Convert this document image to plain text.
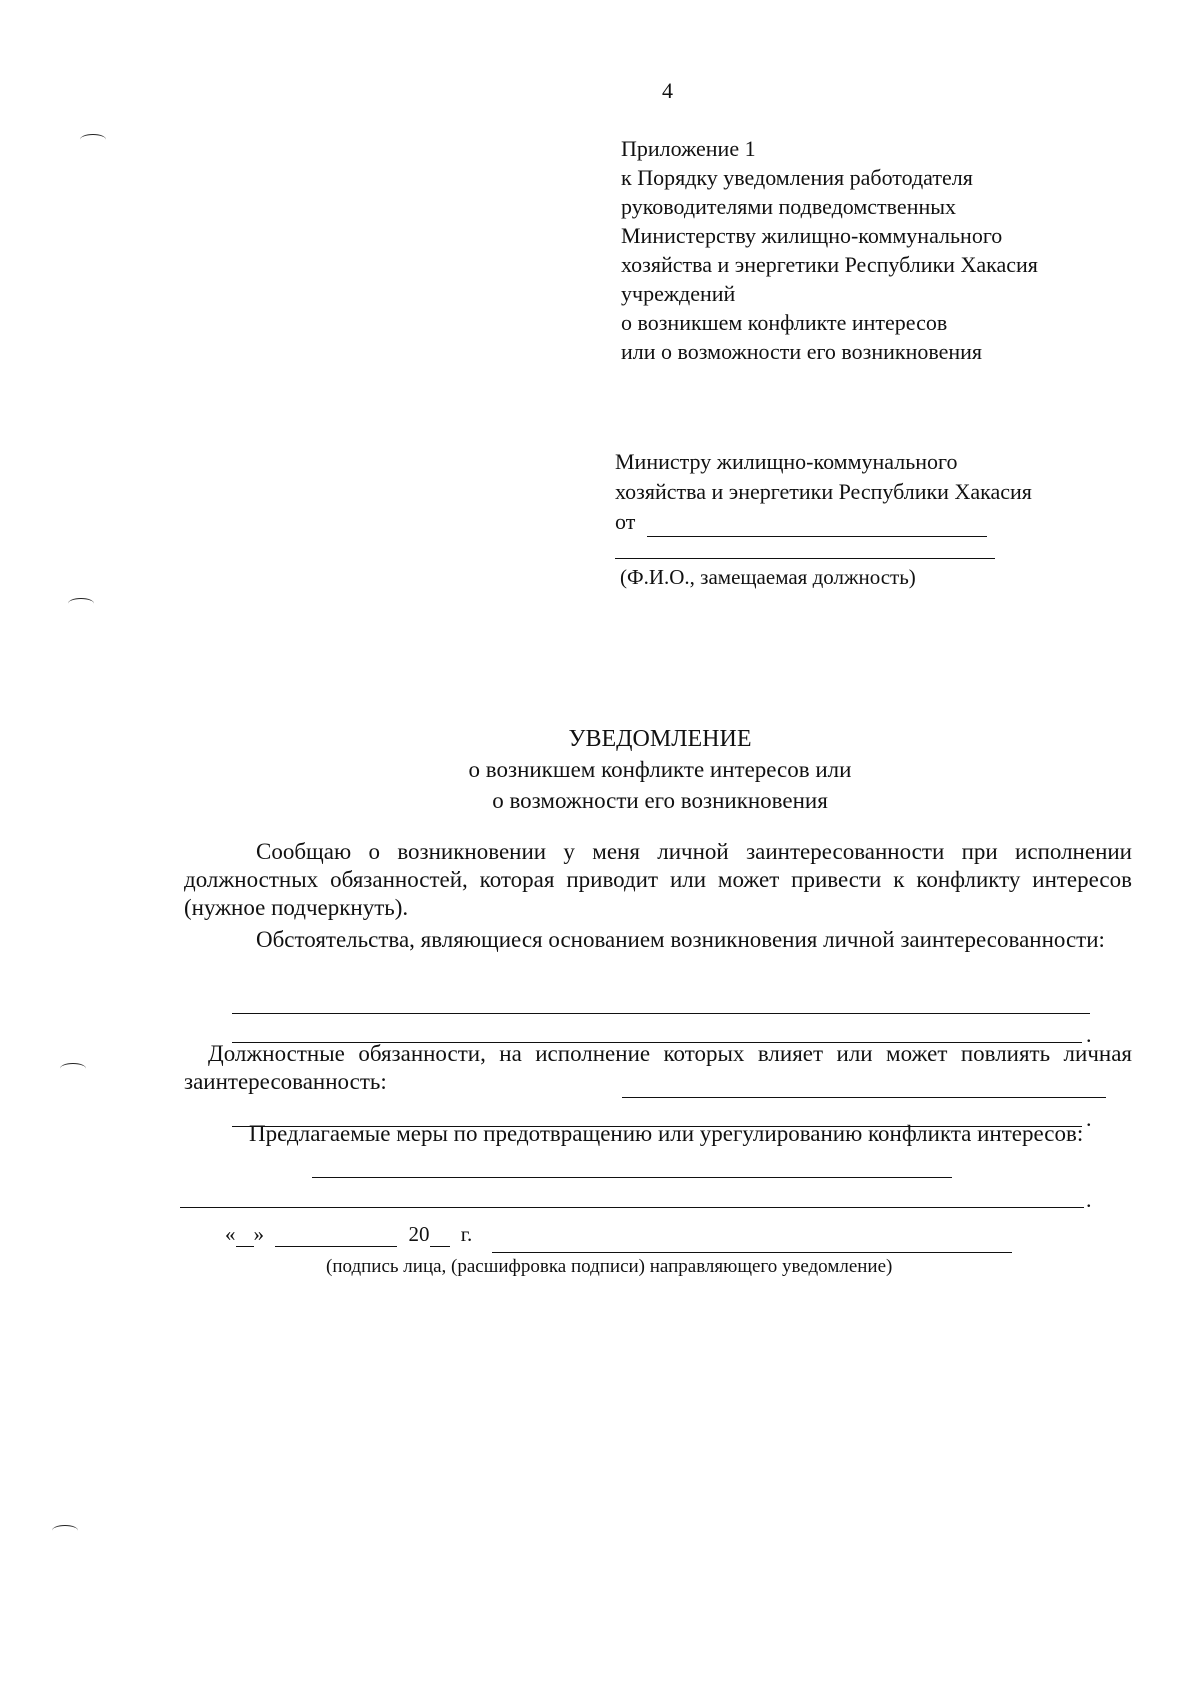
4
Приложение 1
к Порядку уведомления работодателя
руководителями подведомственных
Министерству жилищно-коммунального
хозяйства и энергетики Республики Хакасия
учреждений
о возникшем конфликте интересов
или о возможности его возникновения
Министру жилищно-коммунального
хозяйства и энергетики Республики Хакасия
от
(Ф.И.О., замещаемая должность)
УВЕДОМЛЕНИЕ
о возникшем конфликте интересов или
о возможности его возникновения
Сообщаю о возникновении у меня личной заинтересованности при исполнении должностных обязанностей, которая приводит или может привести к конфликту интересов (нужное подчеркнуть).
Обстоятельства, являющиеся основанием возникновения личной заинтересованности:
.
Должностные обязанности, на исполнение которых влияет или может повлиять личная заинтересованность:
.
Предлагаемые меры по предотвращению или урегулированию конфликта интересов:
.
« »	20 г.
(подпись лица, (расшифровка подписи) направляющего уведомление)
